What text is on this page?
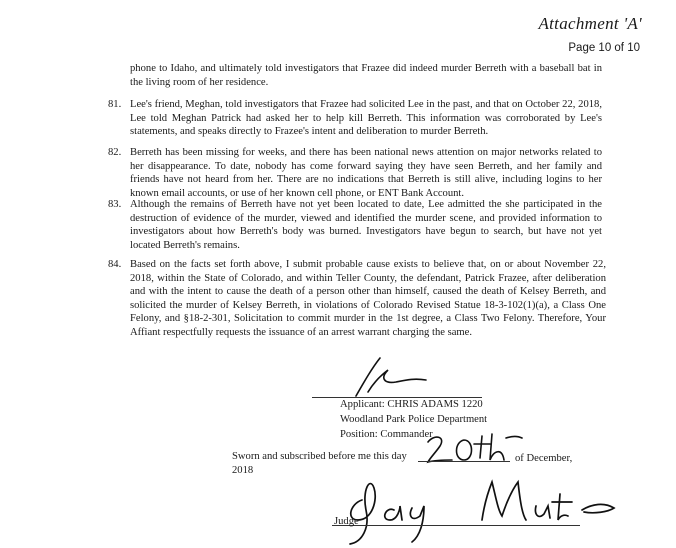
Attachment 'A'
Page 10 of 10

phone to Idaho, and ultimately told investigators that Frazee did indeed murder Berreth with a baseball bat in the living room of her residence.

81. Lee's friend, Meghan, told investigators that Frazee had solicited Lee in the past, and that on October 22, 2018, Lee told Meghan Patrick had asked her to help kill Berreth. This information was corroborated by Lee's statements, and speaks directly to Frazee's intent and deliberation to murder Berreth.

82. Berreth has been missing for weeks, and there has been national news attention on major networks related to her disappearance. To date, nobody has come forward saying they have seen Berreth, and her family and friends have not heard from her. There are no indications that Berreth is still alive, including logins to her known email accounts, or use of her known cell phone, or ENT Bank Account.

83. Although the remains of Berreth have not yet been located to date, Lee admitted the she participated in the destruction of evidence of the murder, viewed and identified the murder scene, and provided information to investigators about how Berreth's body was burned. Investigators have begun to search, but have not yet located Berreth's remains.

84. Based on the facts set forth above, I submit probable cause exists to believe that, on or about November 22, 2018, within the State of Colorado, and within Teller County, the defendant, Patrick Frazee, after deliberation and with the intent to cause the death of a person other than himself, caused the death of Kelsey Berreth, and solicited the murder of Kelsey Berreth, in violations of Colorado Revised Statue 18-3-102(1)(a), a Class One Felony, and §18-2-301, Solicitation to commit murder in the 1st degree, a Class Two Felony. Therefore, Your Affiant respectfully requests the issuance of an arrest warrant charging the same.

Applicant: CHRIS ADAMS 1220
Woodland Park Police Department
Position: Commander
Sworn and subscribed before me this day
2018
of December,
Judge
